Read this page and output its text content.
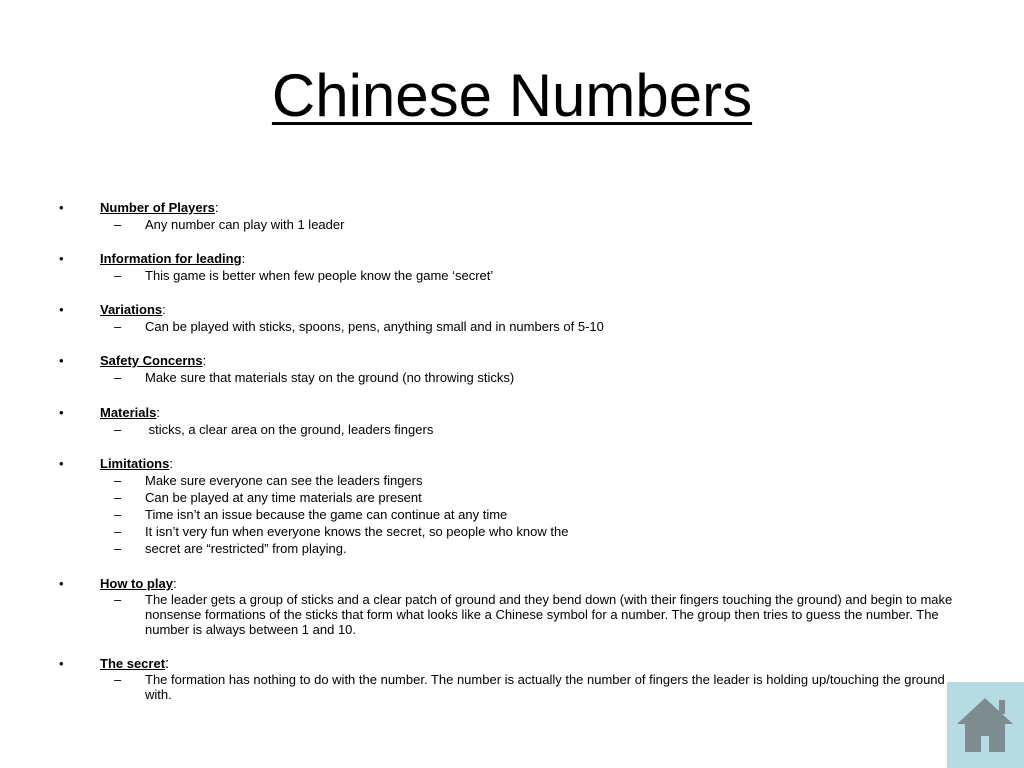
Chinese Numbers
•	Number of Players:
– Any number can play with 1 leader
•	Information for leading:
– This game is better when few people know the game ‘secret’
•	Variations:
– Can be played with sticks, spoons, pens, anything small and in numbers of 5-10
•	Safety Concerns:
– Make sure that materials stay on the ground (no throwing sticks)
•	Materials:
– sticks, a clear area on the ground, leaders fingers
•	Limitations:
– Make sure everyone can see the leaders fingers
– Can be played at any time materials are present
– Time isn’t an issue because the game can continue at any time
– It isn’t very fun when everyone knows the secret, so people who know the
– secret are “restricted” from playing.
•	How to play:
– The leader gets a group of sticks and a clear patch of ground and they bend down (with their fingers touching the ground) and begin to make nonsense formations of the sticks that form what looks like a Chinese symbol for a number. The group then tries to guess the number. The number is always between 1 and 10.
•	The secret:
– The formation has nothing to do with the number. The number is actually the number of fingers the leader is holding up/touching the ground with.
